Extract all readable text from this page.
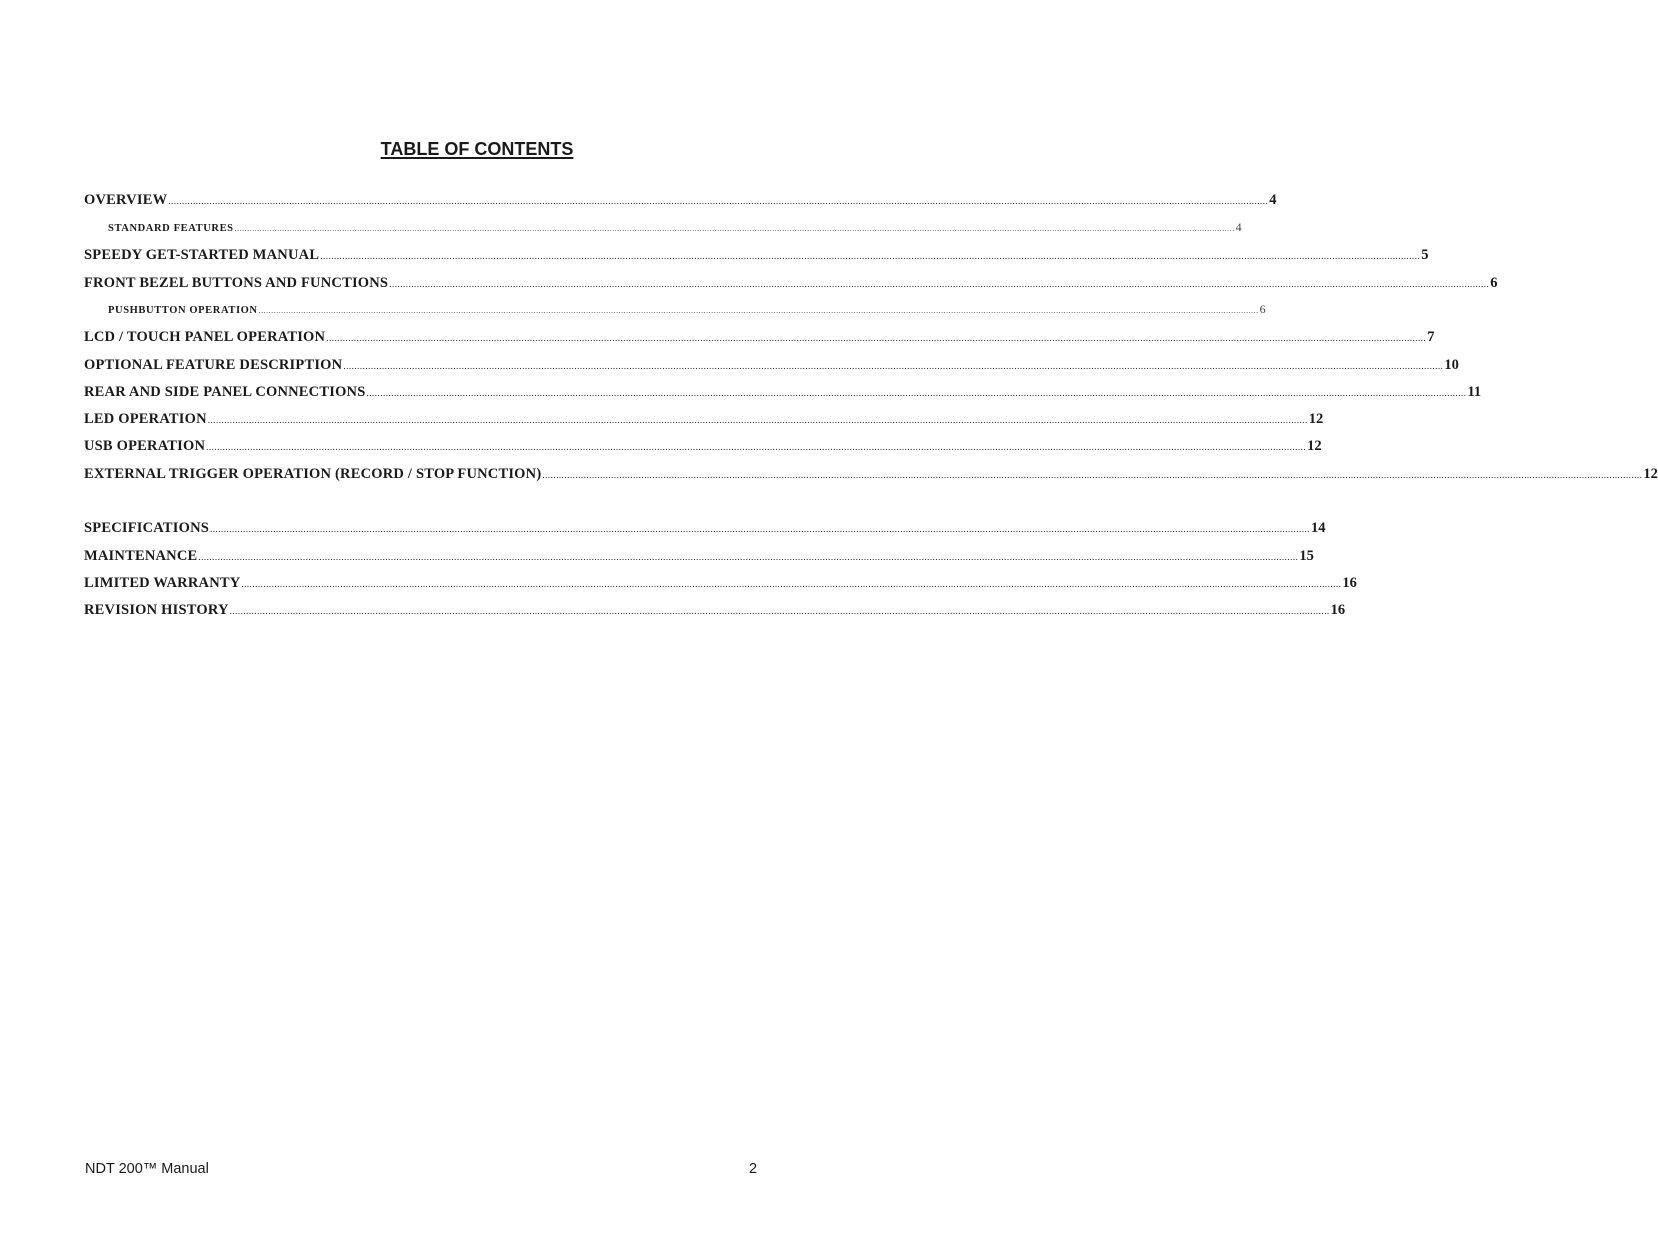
TABLE OF CONTENTS
OVERVIEW ................................................................................................................................................................................................................................................................................................................................................................................................................ 4
STANDARD FEATURES ................................................................................................................................................................................................................................................................................................................................................................................................................ 4
SPEEDY GET-STARTED MANUAL ................................................................................................................................................................................................................................................................................................................................................................................................................ 5
FRONT BEZEL BUTTONS AND FUNCTIONS ................................................................................................................................................................................................................................................................................................................................................................................................................ 6
PUSHBUTTON OPERATION ................................................................................................................................................................................................................................................................................................................................................................................................................ 6
LCD / TOUCH PANEL OPERATION ................................................................................................................................................................................................................................................................................................................................................................................................................ 7
OPTIONAL FEATURE DESCRIPTION ................................................................................................................................................................................................................................................................................................................................................................................................................ 10
REAR AND SIDE PANEL CONNECTIONS ................................................................................................................................................................................................................................................................................................................................................................................................................ 11
LED OPERATION ................................................................................................................................................................................................................................................................................................................................................................................................................ 12
USB OPERATION ................................................................................................................................................................................................................................................................................................................................................................................................................ 12
EXTERNAL TRIGGER OPERATION (RECORD / STOP FUNCTION) ................................................................................................................................................................................................................................................................................................................................................................................................................ 12
SPECIFICATIONS ................................................................................................................................................................................................................................................................................................................................................................................................................ 14
MAINTENANCE ................................................................................................................................................................................................................................................................................................................................................................................................................ 15
LIMITED WARRANTY ................................................................................................................................................................................................................................................................................................................................................................................................................ 16
REVISION HISTORY ................................................................................................................................................................................................................................................................................................................................................................................................................ 16
NDT 200™ Manual	2
